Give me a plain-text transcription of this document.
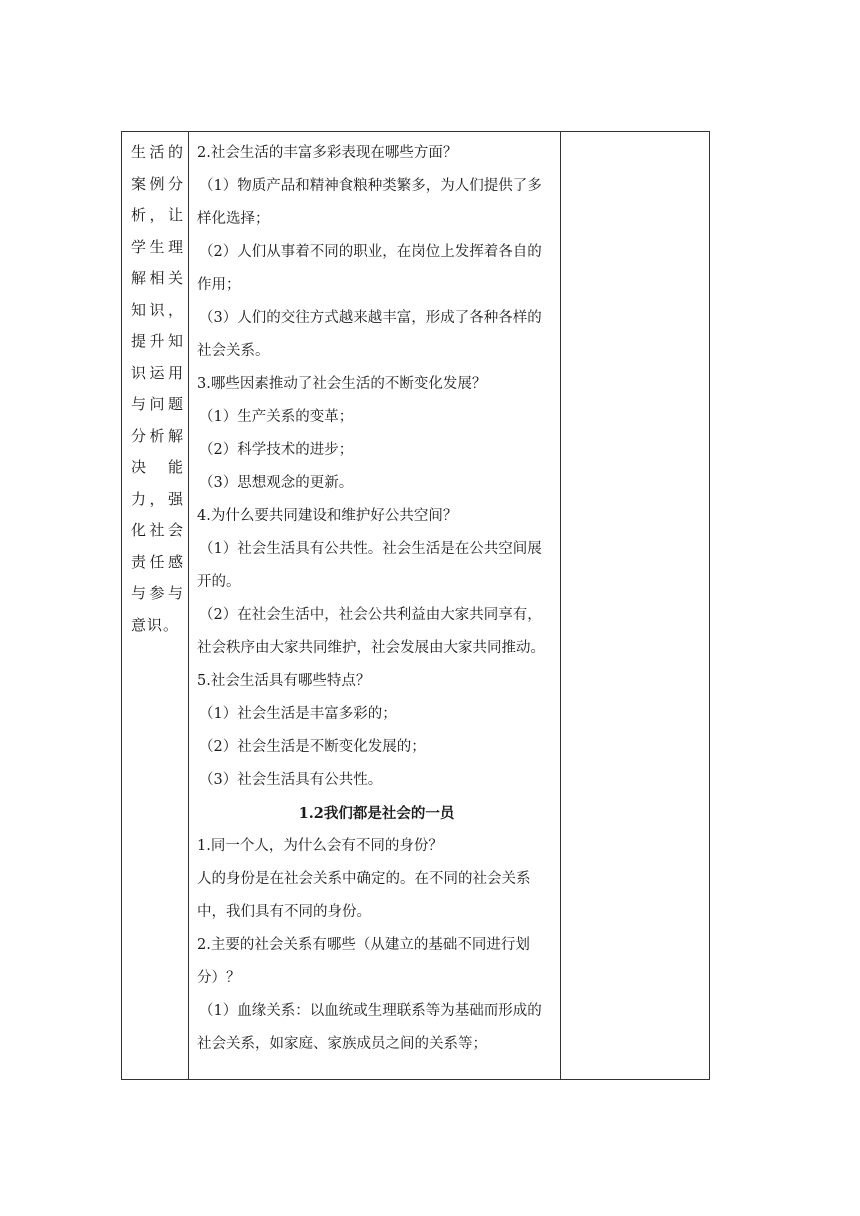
生活的
案例分
析，让
学生理
解相关
知识，
提升知
识运用
与问题
分析解
决　能
力，强
化社会
责任感
与参与
意识。

2.社会生活的丰富多彩表现在哪些方面？
（1）物质产品和精神食粮种类繁多，为人们提供了多
样化选择；
（2）人们从事着不同的职业，在岗位上发挥着各自的
作用；
（3）人们的交往方式越来越丰富，形成了各种各样的
社会关系。
3.哪些因素推动了社会生活的不断变化发展？
（1）生产关系的变革；
（2）科学技术的进步；
（3）思想观念的更新。
4.为什么要共同建设和维护好公共空间？
（1）社会生活具有公共性。社会生活是在公共空间展
开的。
（2）在社会生活中，社会公共利益由大家共同享有，
社会秩序由大家共同维护，社会发展由大家共同推动。
5.社会生活具有哪些特点？
（1）社会生活是丰富多彩的；
（2）社会生活是不断变化发展的；
（3）社会生活具有公共性。
1.2我们都是社会的一员
1.同一个人，为什么会有不同的身份？
人的身份是在社会关系中确定的。在不同的社会关系
中，我们具有不同的身份。
2.主要的社会关系有哪些（从建立的基础不同进行划
分）？
（1）血缘关系：以血统或生理联系等为基础而形成的
社会关系，如家庭、家族成员之间的关系等；
